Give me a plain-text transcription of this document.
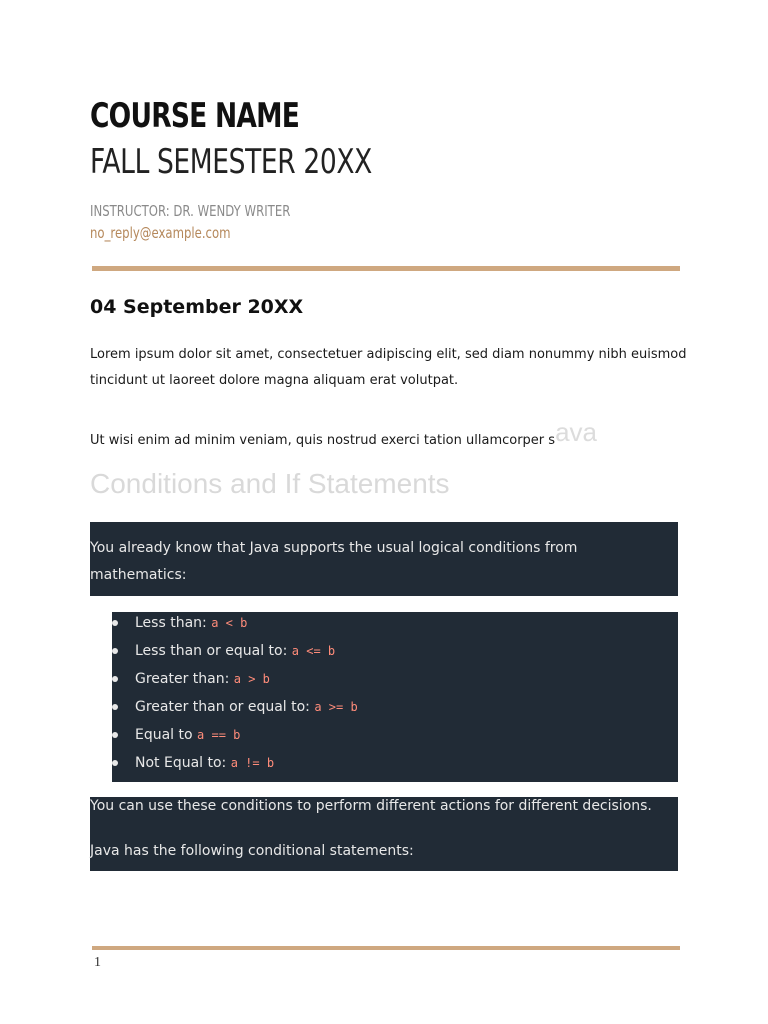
COURSE NAME
FALL SEMESTER 20XX
INSTRUCTOR: DR. WENDY WRITER
no_reply@example.com
04 September 20XX
Lorem ipsum dolor sit amet, consectetuer adipiscing elit, sed diam nonummy nibh euismod tincidunt ut laoreet dolore magna aliquam erat volutpat.
Ut wisi enim ad minim veniam, quis nostrud exerci tation ullamcorper sava
Conditions and If Statements
You already know that Java supports the usual logical conditions from mathematics:
Less than: a < b
Less than or equal to: a <= b
Greater than: a > b
Greater than or equal to: a >= b
Equal to a == b
Not Equal to: a != b
You can use these conditions to perform different actions for different decisions.
Java has the following conditional statements:
1
